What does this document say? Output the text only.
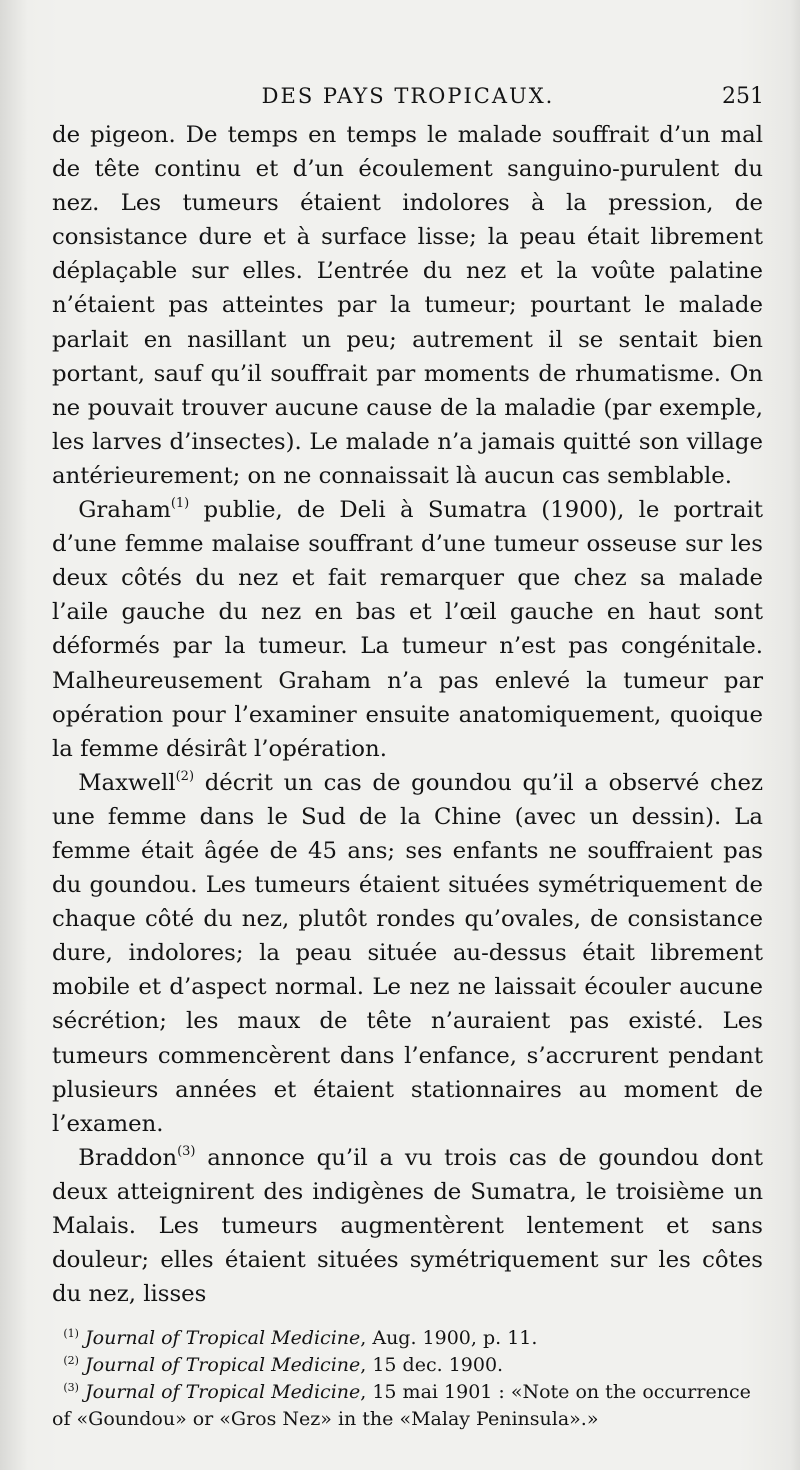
DES PAYS TROPICAUX.	251

de pigeon. De temps en temps le malade souffrait d’un mal de tête continu et d’un écoulement sanguino-purulent du nez. Les tumeurs étaient indolores à la pression, de consistance dure et à surface lisse; la peau était librement déplaçable sur elles. L’entrée du nez et la voûte palatine n’étaient pas atteintes par la tumeur; pourtant le malade parlait en nasillant un peu; autrement il se sentait bien portant, sauf qu’il souffrait par moments de rhumatisme. On ne pouvait trouver aucune cause de la maladie (par exemple, les larves d’insectes). Le malade n’a jamais quitté son village antérieurement; on ne connaissait là aucun cas semblable.

Graham$^{(1)}$ publie, de Deli à Sumatra (1900), le portrait d’une femme malaise souffrant d’une tumeur osseuse sur les deux côtés du nez et fait remarquer que chez sa malade l’aile gauche du nez en bas et l’œil gauche en haut sont déformés par la tumeur. La tumeur n’est pas congénitale. Malheureusement Graham n’a pas enlevé la tumeur par opération pour l’examiner ensuite anatomiquement, quoique la femme désirât l’opération.

Maxwell$^{(2)}$ décrit un cas de goundou qu’il a observé chez une femme dans le Sud de la Chine (avec un dessin). La femme était âgée de 45 ans; ses enfants ne souffraient pas du goundou. Les tumeurs étaient situées symétriquement de chaque côté du nez, plutôt rondes qu’ovales, de consistance dure, indolores; la peau située au-dessus était librement mobile et d’aspect normal. Le nez ne laissait écouler aucune sécrétion; les maux de tête n’auraient pas existé. Les tumeurs commencèrent dans l’enfance, s’accrurent pendant plusieurs années et étaient stationnaires au moment de l’examen.

Braddon$^{(3)}$ annonce qu’il a vu trois cas de goundou dont deux atteignirent des indigènes de Sumatra, le troisième un Malais. Les tumeurs augmentèrent lentement et sans douleur; elles étaient situées symétriquement sur les côtes du nez, lisses

$^{(1)}$ Journal of Tropical Medicine, Aug. 1900, p. 11.

$^{(2)}$ Journal of Tropical Medicine, 15 dec. 1900.

$^{(3)}$ Journal of Tropical Medicine, 15 mai 1901 : «Note on the occurrence of «Goundou» or «Gros Nez» in the «Malay Peninsula».»
